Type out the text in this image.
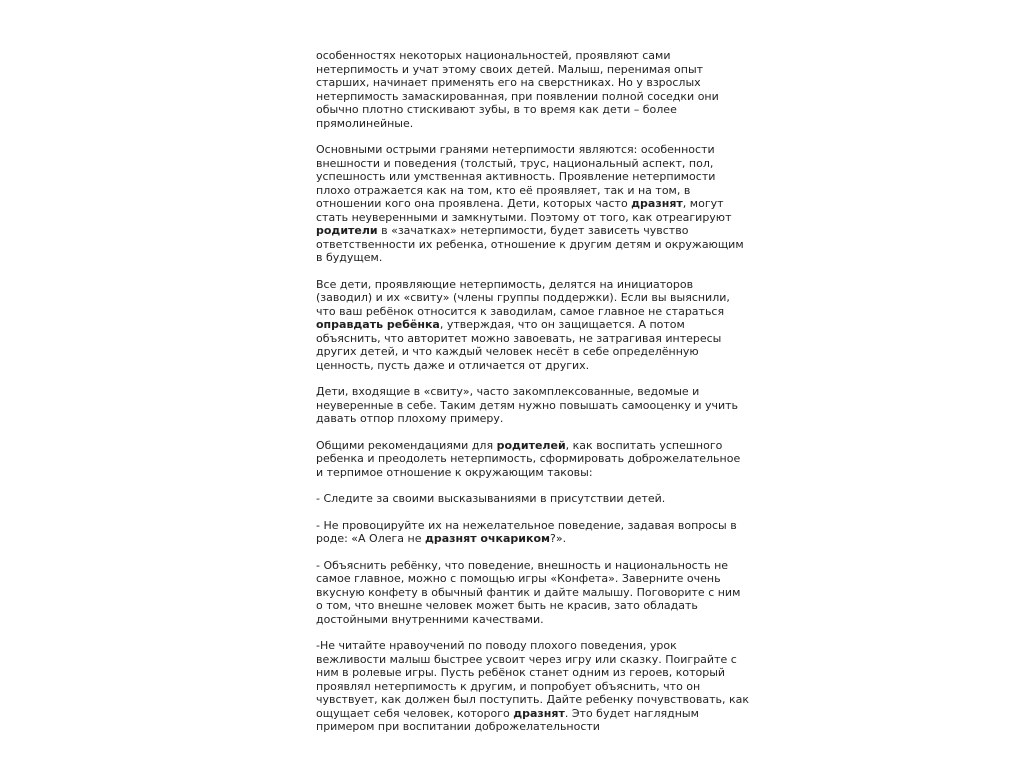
особенностях некоторых национальностей, проявляют сами нетерпимость и учат этому своих детей. Малыш, перенимая опыт старших, начинает применять его на сверстниках. Но у взрослых нетерпимость замаскированная, при появлении полной соседки они обычно плотно стискивают зубы, в то время как дети – более прямолинейные.

Основными острыми гранями нетерпимости являются: особенности внешности и поведения (толстый, трус, национальный аспект, пол, успешность или умственная активность. Проявление нетерпимости плохо отражается как на том, кто её проявляет, так и на том, в отношении кого она проявлена. Дети, которых часто дразнят, могут стать неуверенными и замкнутыми. Поэтому от того, как отреагируют родители в «зачатках» нетерпимости, будет зависеть чувство ответственности их ребенка, отношение к другим детям и окружающим в будущем.

Все дети, проявляющие нетерпимость, делятся на инициаторов (заводил) и их «свиту» (члены группы поддержки). Если вы выяснили, что ваш ребёнок относится к заводилам, самое главное не стараться оправдать ребёнка, утверждая, что он защищается. А потом объяснить, что авторитет можно завоевать, не затрагивая интересы других детей, и что каждый человек несёт в себе определённую ценность, пусть даже и отличается от других.

Дети, входящие в «свиту», часто закомплексованные, ведомые и неуверенные в себе. Таким детям нужно повышать самооценку и учить давать отпор плохому примеру.

Общими рекомендациями для родителей, как воспитать успешного ребенка и преодолеть нетерпимость, сформировать доброжелательное и терпимое отношение к окружающим таковы:

- Следите за своими высказываниями в присутствии детей.

- Не провоцируйте их на нежелательное поведение, задавая вопросы в роде: «А Олега не дразнят очкариком?».

- Объяснить ребёнку, что поведение, внешность и национальность не самое главное, можно с помощью игры «Конфета». Заверните очень вкусную конфету в обычный фантик и дайте малышу. Поговорите с ним о том, что внешне человек может быть не красив, зато обладать достойными внутренними качествами.

-Не читайте нравоучений по поводу плохого поведения, урок вежливости малыш быстрее усвоит через игру или сказку. Поиграйте с ним в ролевые игры. Пусть ребёнок станет одним из героев, который проявлял нетерпимость к другим, и попробует объяснить, что он чувствует, как должен был поступить. Дайте ребенку почувствовать, как ощущает себя человек, которого дразнят. Это будет наглядным примером при воспитании доброжелательности
